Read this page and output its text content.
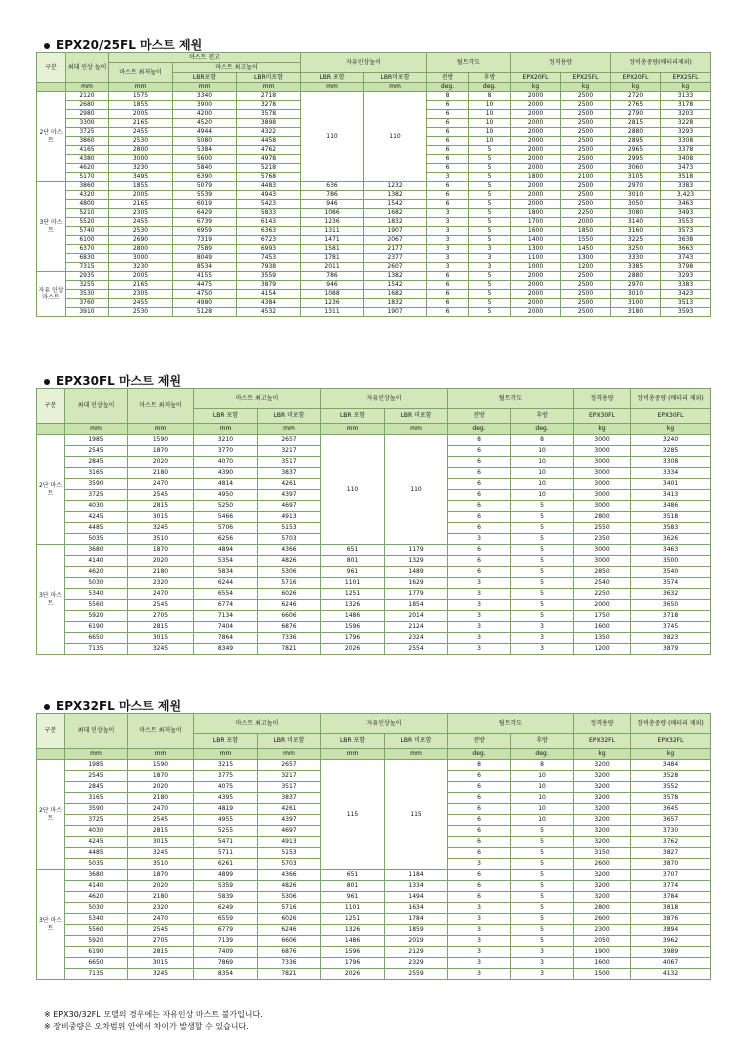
EPX20/25FL 마스트 제원
구분	최대 인상 높이	마스트 전고			자유인상높이		틸트각도		정격용량		장비총중량(배터리제외)	
		마스트 최저높이	마스트 최고높이									
			LBR포함	LBR미포함	LBR 포함	LBR미포함	전방	후방	EPX20FL	EPX25FL	EPX20FL	EPX25FL
	mm	mm	mm	mm	mm	mm	deg.	deg.	kg	kg	kg	kg
2단 마스트	2120	1575	3340	2718	110	110	8	8	2000	2500	2720	3133
	2680	1855	3900	3278			6	10	2000	2500	2765	3178
	2980	2005	4200	3578			6	10	2000	2500	2790	3203
	3300	2165	4520	3898			6	10	2000	2500	2815	3228
	3725	2455	4944	4322			6	10	2000	2500	2880	3293
	3860	2530	5080	4458			6	10	2000	2500	2895	3308
	4165	2800	5384	4762			6	5	2000	2500	2965	3378
	4380	3000	5600	4978			6	5	2000	2500	2995	3408
	4620	3230	5840	5218			6	5	2000	2500	3060	3473
	5170	3495	6390	5768			3	5	1800	2100	3105	3518
3단 마스트	3860	1855	5079	4483	636	1232	6	5	2000	2500	2970	3383
	4320	2005	5539	4943	786	1382	6	5	2000	2500	3010	3,423
	4800	2165	6019	5423	946	1542	6	5	2000	2500	3050	3463
	5210	2305	6429	5833	1086	1682	3	5	1800	2250	3080	3493
	5520	2455	6739	6143	1236	1832	3	5	1700	2000	3140	3553
	5740	2530	6959	6363	1311	1907	3	5	1600	1850	3160	3573
	6100	2690	7319	6723	1471	2067	3	5	1400	1550	3225	3638
	6370	2800	7589	6993	1581	2177	3	3	1300	1450	3250	3663
	6830	3000	8049	7453	1781	2377	3	3	1100	1300	3330	3743
	7315	3230	8534	7938	2011	2607	3	3	1000	1200	3385	3798
자유 인상 마스트	2935	2005	4155	3559	786	1382	6	5	2000	2500	2880	3293
	3255	2165	4475	3879	946	1542	6	5	2000	2500	2970	3383
	3530	2305	4750	4154	1088	1682	6	5	2000	2500	3010	3423
	3760	2455	4980	4384	1236	1832	6	5	2000	2500	3100	3513
	3910	2530	5128	4532	1311	1907	6	5	2000	2500	3180	3593
EPX30FL 마스트 제원
구분	최대 인상높이	마스트 최저높이	마스트 최고높이		자유인상높이		틸트각도		정격용량	장비총중량 (배터리 제외)
			LBR 포함	LBR 미포함	LBR 포함	LBR 미포함	전방	후방	EPX30FL	EPX30FL
	mm	mm	mm	mm	mm	mm	deg.	deg.	kg	kg
2단 마스트	1985	1590	3210	2657	110	110	8	8	3000	3240
	2545	1870	3770	3217			6	10	3000	3285
	2845	2020	4070	3517			6	10	3000	3308
	3165	2180	4390	3837			6	10	3000	3334
	3590	2470	4814	4261			6	10	3000	3401
	3725	2545	4950	4397			6	10	3000	3413
	4030	2815	5250	4697			6	5	3000	3486
	4245	3015	5466	4913			6	5	2800	3518
	4485	3245	5706	5153			6	5	2550	3583
	5035	3510	6256	5703			3	5	2350	3626
3단 마스트	3680	1870	4894	4366	651	1179	6	5	3000	3463
	4140	2020	5354	4826	801	1329	6	5	3000	3500
	4620	2180	5834	5306	961	1489	6	5	2850	3540
	5030	2320	6244	5716	1101	1629	3	5	2540	3574
	5340	2470	6554	6026	1251	1779	3	5	2250	3632
	5560	2545	6774	6246	1326	1854	3	5	2000	3650
	5920	2705	7134	6606	1486	2014	3	5	1750	3718
	6190	2815	7404	6876	1596	2124	3	3	1600	3745
	6650	3015	7864	7336	1796	2324	3	3	1350	3823
	7135	3245	8349	7821	2026	2554	3	3	1200	3879
EPX32FL 마스트 제원
구분	최대 인상높이	마스트 최저높이	마스트 최고높이		자유인상높이		틸트각도		정격용량	장비총중량 (배터리 제외)
			LBR 포함	LBR 미포함	LBR 포함	LBR 미포함	전방	후방	EPX32FL	EPX32FL
	mm	mm	mm	mm	mm	mm	deg.	deg.	kg	kg
2단 마스트	1985	1590	3215	2657	115	115	8	8	3200	3484
	2545	1870	3775	3217			6	10	3200	3528
	2845	2020	4075	3517			6	10	3200	3552
	3165	2180	4395	3837			6	10	3200	3578
	3590	2470	4819	4261			6	10	3200	3645
	3725	2545	4955	4397			6	10	3200	3657
	4030	2815	5255	4697			6	5	3200	3730
	4245	3015	5471	4913			6	5	3200	3762
	4485	3245	5711	5153			6	5	3150	3827
	5035	3510	6261	5703			3	5	2600	3870
3단 마스트	3680	1870	4899	4366	651	1184	6	5	3200	3707
	4140	2020	5359	4826	801	1334	6	5	3200	3774
	4620	2180	5839	5306	961	1494	6	5	3200	3784
	5030	2320	6249	5716	1101	1634	3	5	2800	3818
	5340	2470	6559	6026	1251	1784	3	5	2600	3876
	5560	2545	6779	6246	1326	1859	3	5	2300	3894
	5920	2705	7139	6606	1486	2019	3	5	2050	3962
	6190	2815	7409	6876	1596	2129	3	3	1900	3989
	6650	3015	7869	7336	1796	2329	3	3	1600	4067
	7135	3245	8354	7821	2026	2559	3	3	1500	4132
※ EPX30/32FL 모델의 경우에는 자유인상 마스트 불가입니다.
※ 장비중량은 오차범위 안에서 차이가 발생할 수 있습니다.
